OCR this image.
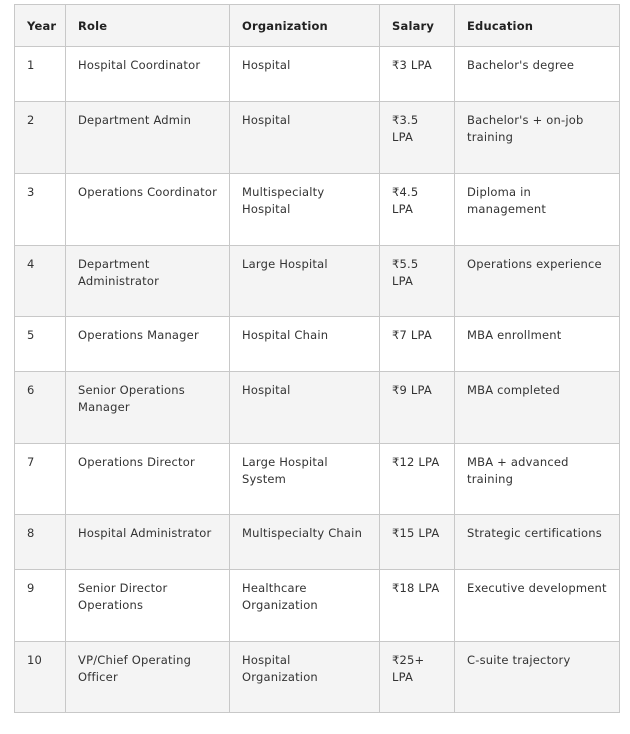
Year	Role	Organization	Salary	Education
1	Hospital Coordinator	Hospital	₹3 LPA	Bachelor's degree
2	Department Admin	Hospital	₹3.5 LPA	Bachelor's + on-job training
3	Operations Coordinator	Multispecialty Hospital	₹4.5 LPA	Diploma in management
4	Department Administrator	Large Hospital	₹5.5 LPA	Operations experience
5	Operations Manager	Hospital Chain	₹7 LPA	MBA enrollment
6	Senior Operations Manager	Hospital	₹9 LPA	MBA completed
7	Operations Director	Large Hospital System	₹12 LPA	MBA + advanced training
8	Hospital Administrator	Multispecialty Chain	₹15 LPA	Strategic certifications
9	Senior Director Operations	Healthcare Organization	₹18 LPA	Executive development
10	VP/Chief Operating Officer	Hospital Organization	₹25+ LPA	C-suite trajectory
